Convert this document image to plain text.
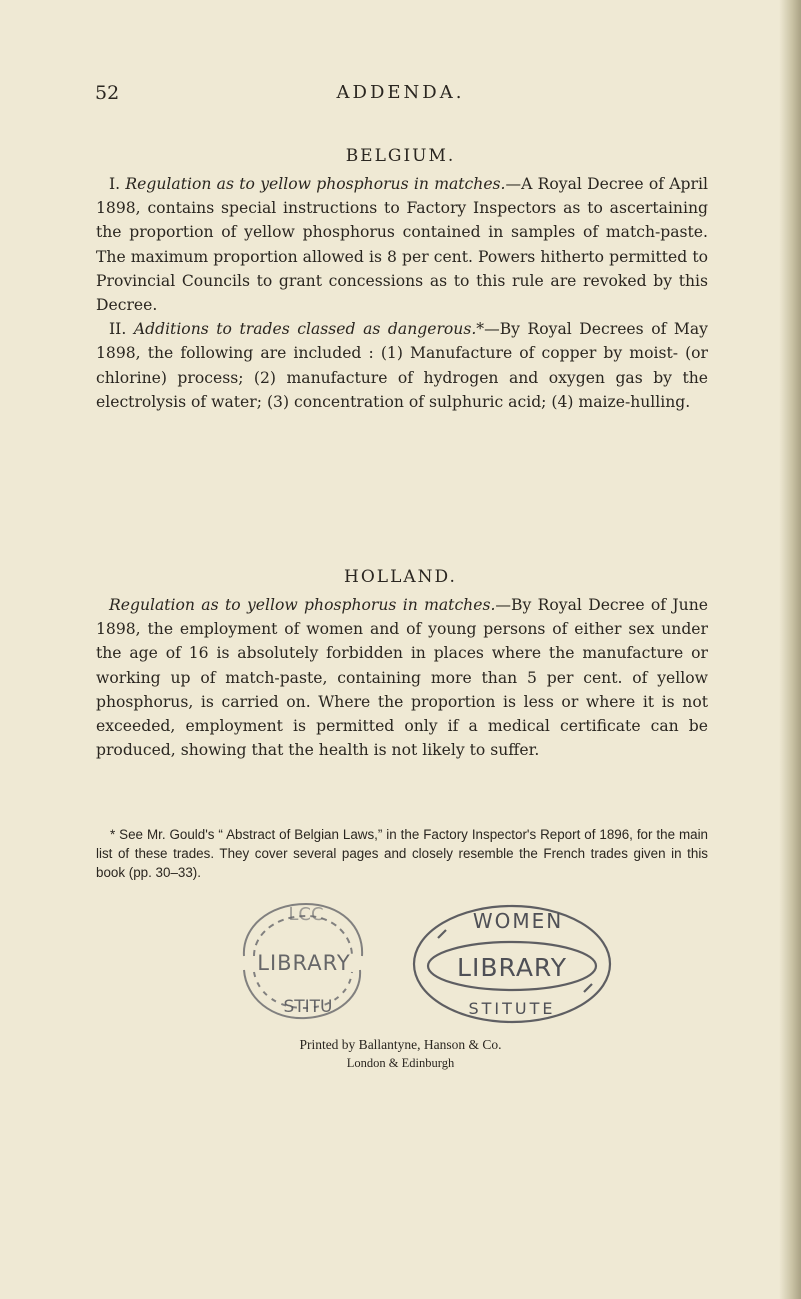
52	ADDENDA.
BELGIUM.

I. Regulation as to yellow phosphorus in matches.—A Royal Decree of April 1898, contains special instructions to Factory Inspectors as to ascertaining the proportion of yellow phosphorus contained in samples of match-paste. The maximum proportion allowed is 8 per cent. Powers hitherto permitted to Provincial Councils to grant concessions as to this rule are revoked by this Decree.

II. Additions to trades classed as dangerous.*—By Royal Decrees of May 1898, the following are included : (1) Manufacture of copper by moist- (or chlorine) process; (2) manufacture of hydrogen and oxygen gas by the electrolysis of water; (3) concentration of sulphuric acid; (4) maize-hulling.

HOLLAND.

Regulation as to yellow phosphorus in matches.—By Royal Decree of June 1898, the employment of women and of young persons of either sex under the age of 16 is absolutely forbidden in places where the manufacture or working up of match-paste, containing more than 5 per cent. of yellow phosphorus, is carried on. Where the proportion is less or where it is not exceeded, employment is permitted only if a medical certificate can be produced, showing that the health is not likely to suffer.

* See Mr. Gould's “ Abstract of Belgian Laws,” in the Factory Inspector's Report of 1896, for the main list of these trades. They cover several pages and closely resemble the French trades given in this book (pp. 30–33).

LCC
LIBRARY
STITU
WOMEN
LIBRARY
STITUTE
Printed by Ballantyne, Hanson & Co.
London & Edinburgh
